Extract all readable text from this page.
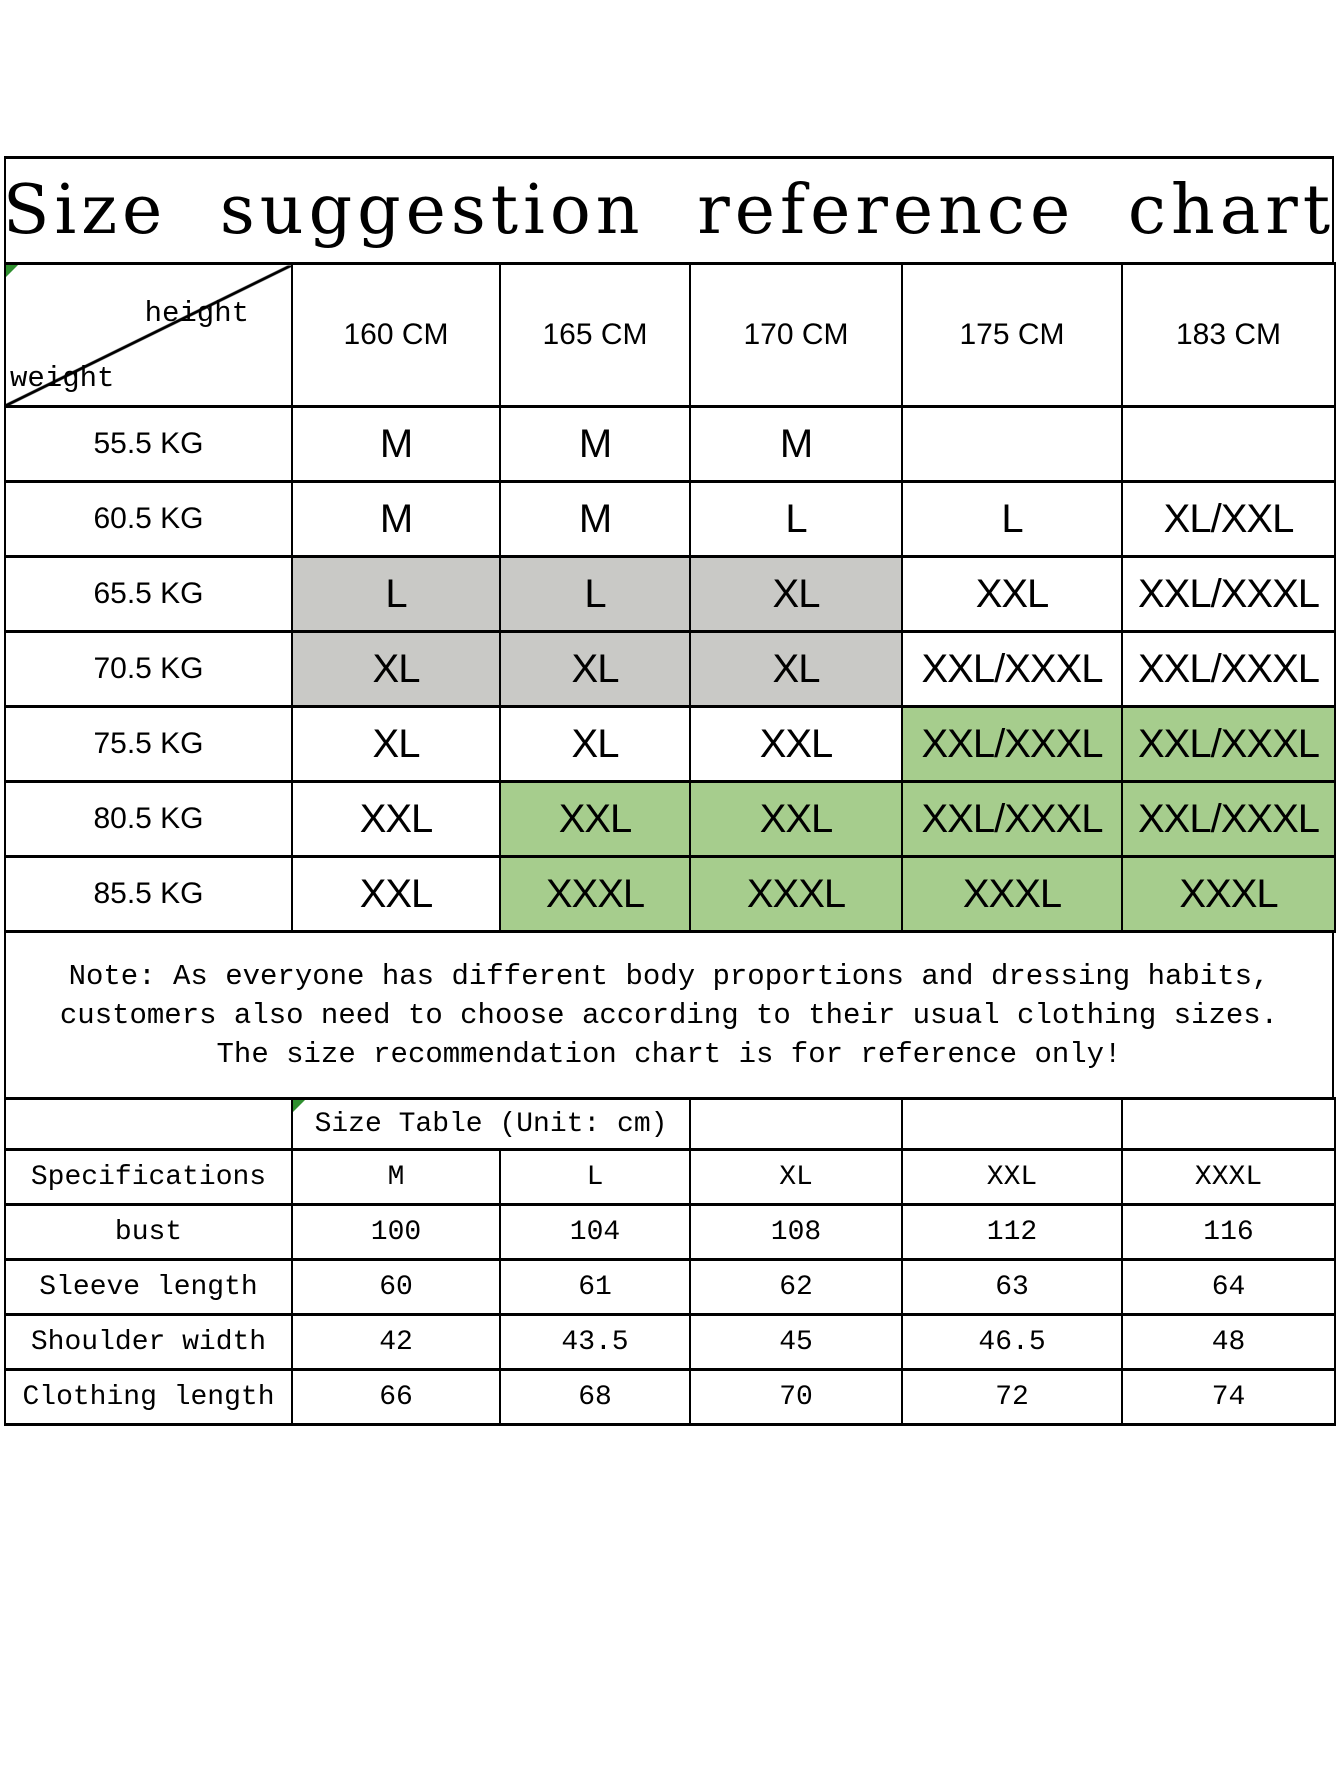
Size suggestion reference chart
height
weight	160 CM	165 CM	170 CM	175 CM	183 CM
55.5 KG	M	M	M		
60.5 KG	M	M	L	L	XL/XXL
65.5 KG	L	L	XL	XXL	XXL/XXXL
70.5 KG	XL	XL	XL	XXL/XXXL	XXL/XXXL
75.5 KG	XL	XL	XXL	XXL/XXXL	XXL/XXXL
80.5 KG	XXL	XXL	XXL	XXL/XXXL	XXL/XXXL
85.5 KG	XXL	XXXL	XXXL	XXXL	XXXL
Note: As everyone has different body proportions and dressing habits,
customers also need to choose according to their usual clothing sizes.
The size recommendation chart is for reference only!

Size Table (Unit: cm)				
Specifications	M	L	XL	XXL	XXXL
bust	100	104	108	112	116
Sleeve length	60	61	62	63	64
Shoulder width	42	43.5	45	46.5	48
Clothing length	66	68	70	72	74
